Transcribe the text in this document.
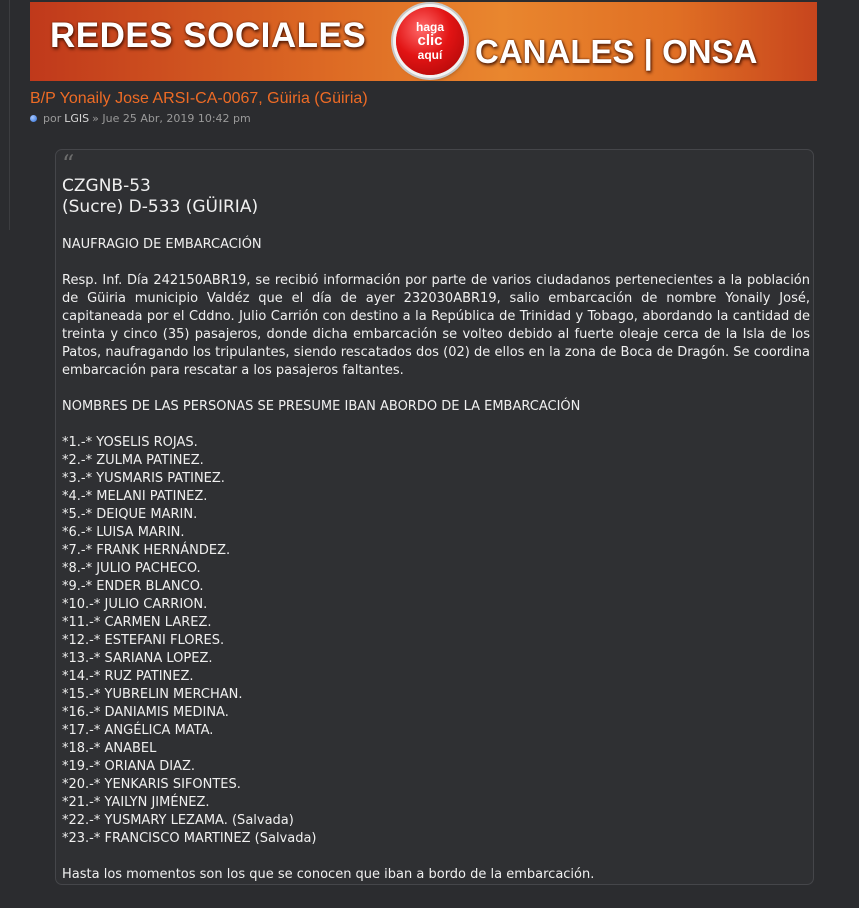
REDES SOCIALES	haga
clic
aquí CANALES | ONSA
B/P Yonaily Jose ARSI-CA-0067, Güiria (Güiria)
por LGIS » Jue 25 Abr, 2019 10:42 pm
“
CZGNB-53
(Sucre) D-533 (GÜIRIA)
NAUFRAGIO DE EMBARCACIÓN

Resp. Inf. Día 242150ABR19, se recibió información por parte de varios ciudadanos pertenecientes a la población de Güiria municipio Valdéz que el día de ayer 232030ABR19, salio embarcación de nombre Yonaily José, capitaneada por el Cddno. Julio Carrión con destino a la República de Trinidad y Tobago, abordando la cantidad de treinta y cinco (35) pasajeros, donde dicha embarcación se volteo debido al fuerte oleaje cerca de la Isla de los Patos, naufragando los tripulantes, siendo rescatados dos (02) de ellos en la zona de Boca de Dragón. Se coordina embarcación para rescatar a los pasajeros faltantes.

NOMBRES DE LAS PERSONAS SE PRESUME IBAN ABORDO DE LA EMBARCACIÓN
*1.-* YOSELIS ROJAS.
*2.-* ZULMA PATINEZ.
*3.-* YUSMARIS PATINEZ.
*4.-* MELANI PATINEZ.
*5.-* DEIQUE MARIN.
*6.-* LUISA MARIN.
*7.-* FRANK HERNÁNDEZ.
*8.-* JULIO PACHECO.
*9.-* ENDER BLANCO.
*10.-* JULIO CARRION.
*11.-* CARMEN LAREZ.
*12.-* ESTEFANI FLORES.
*13.-* SARIANA LOPEZ.
*14.-* RUZ PATINEZ.
*15.-* YUBRELIN MERCHAN.
*16.-* DANIAMIS MEDINA.
*17.-* ANGÉLICA MATA.
*18.-* ANABEL
*19.-* ORIANA DIAZ.
*20.-* YENKARIS SIFONTES.
*21.-* YAILYN JIMÉNEZ.
*22.-* YUSMARY LEZAMA. (Salvada)
*23.-* FRANCISCO MARTINEZ (Salvada)
Hasta los momentos son los que se conocen que iban a bordo de la embarcación.
